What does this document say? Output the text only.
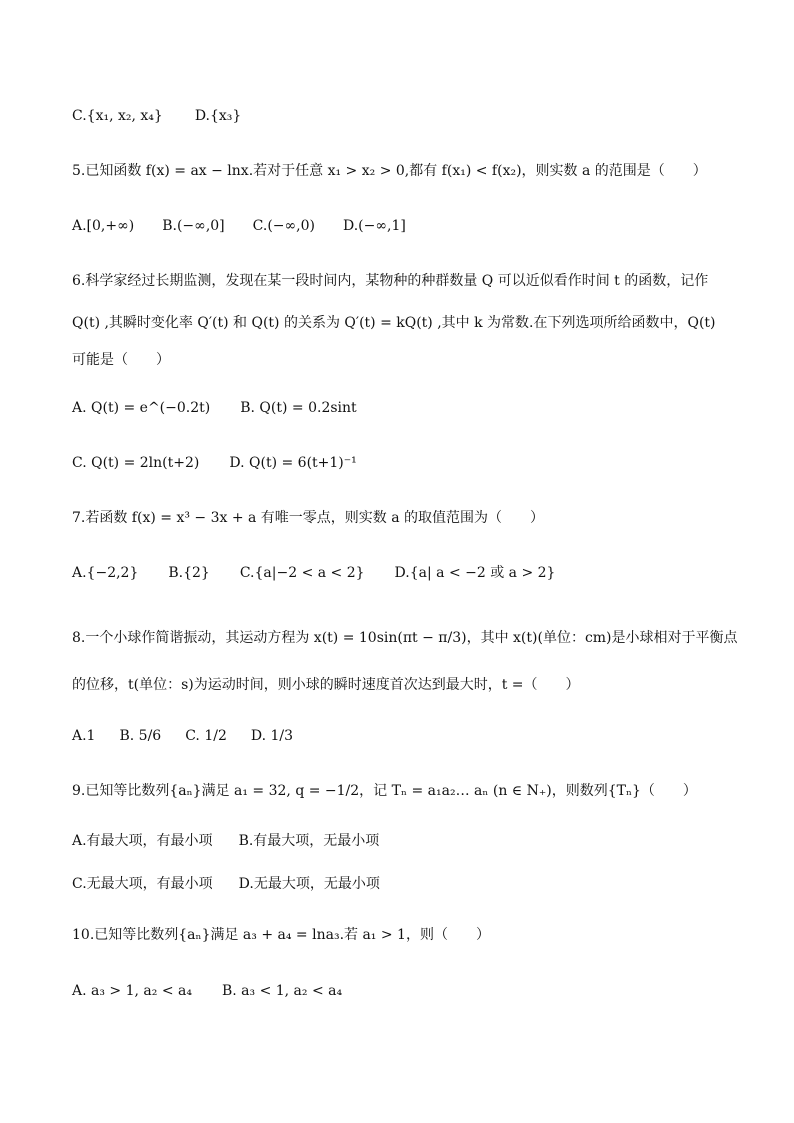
C.{x₁, x₂, x₄} D.{x₃}
5.已知函数 f(x) = ax − lnx.若对于任意 x₁ > x₂ > 0,都有 f(x₁) < f(x₂)，则实数 a 的范围是（　　）
A.[0,+∞) B.(−∞,0] C.(−∞,0) D.(−∞,1]
6.科学家经过长期监测，发现在某一段时间内，某物种的种群数量 Q 可以近似看作时间 t 的函数，记作
Q(t) ,其瞬时变化率 Q′(t) 和 Q(t) 的关系为 Q′(t) = kQ(t) ,其中 k 为常数.在下列选项所给函数中，Q(t)
可能是（　　）
A. Q(t) = e^(−0.2t) B. Q(t) = 0.2sint
C. Q(t) = 2ln(t+2) D. Q(t) = 6(t+1)⁻¹
7.若函数 f(x) = x³ − 3x + a 有唯一零点，则实数 a 的取值范围为（　　）
A.{−2,2} B.{2} C.{a|−2 < a < 2} D.{a| a < −2 或 a > 2}
8.一个小球作简谐振动，其运动方程为 x(t) = 10sin(πt − π/3)，其中 x(t)(单位：cm)是小球相对于平衡点
的位移，t(单位：s)为运动时间，则小球的瞬时速度首次达到最大时，t =（　　）
A.1 B. 5/6 C. 1/2 D. 1/3
9.已知等比数列{aₙ}满足 a₁ = 32, q = −1/2，记 Tₙ = a₁a₂… aₙ (n ∈ N₊)，则数列{Tₙ}（　　）
A.有最大项，有最小项 B.有最大项，无最小项
C.无最大项，有最小项 D.无最大项，无最小项
10.已知等比数列{aₙ}满足 a₃ + a₄ = lna₃.若 a₁ > 1，则（　　）
A. a₃ > 1, a₂ < a₄ B. a₃ < 1, a₂ < a₄
